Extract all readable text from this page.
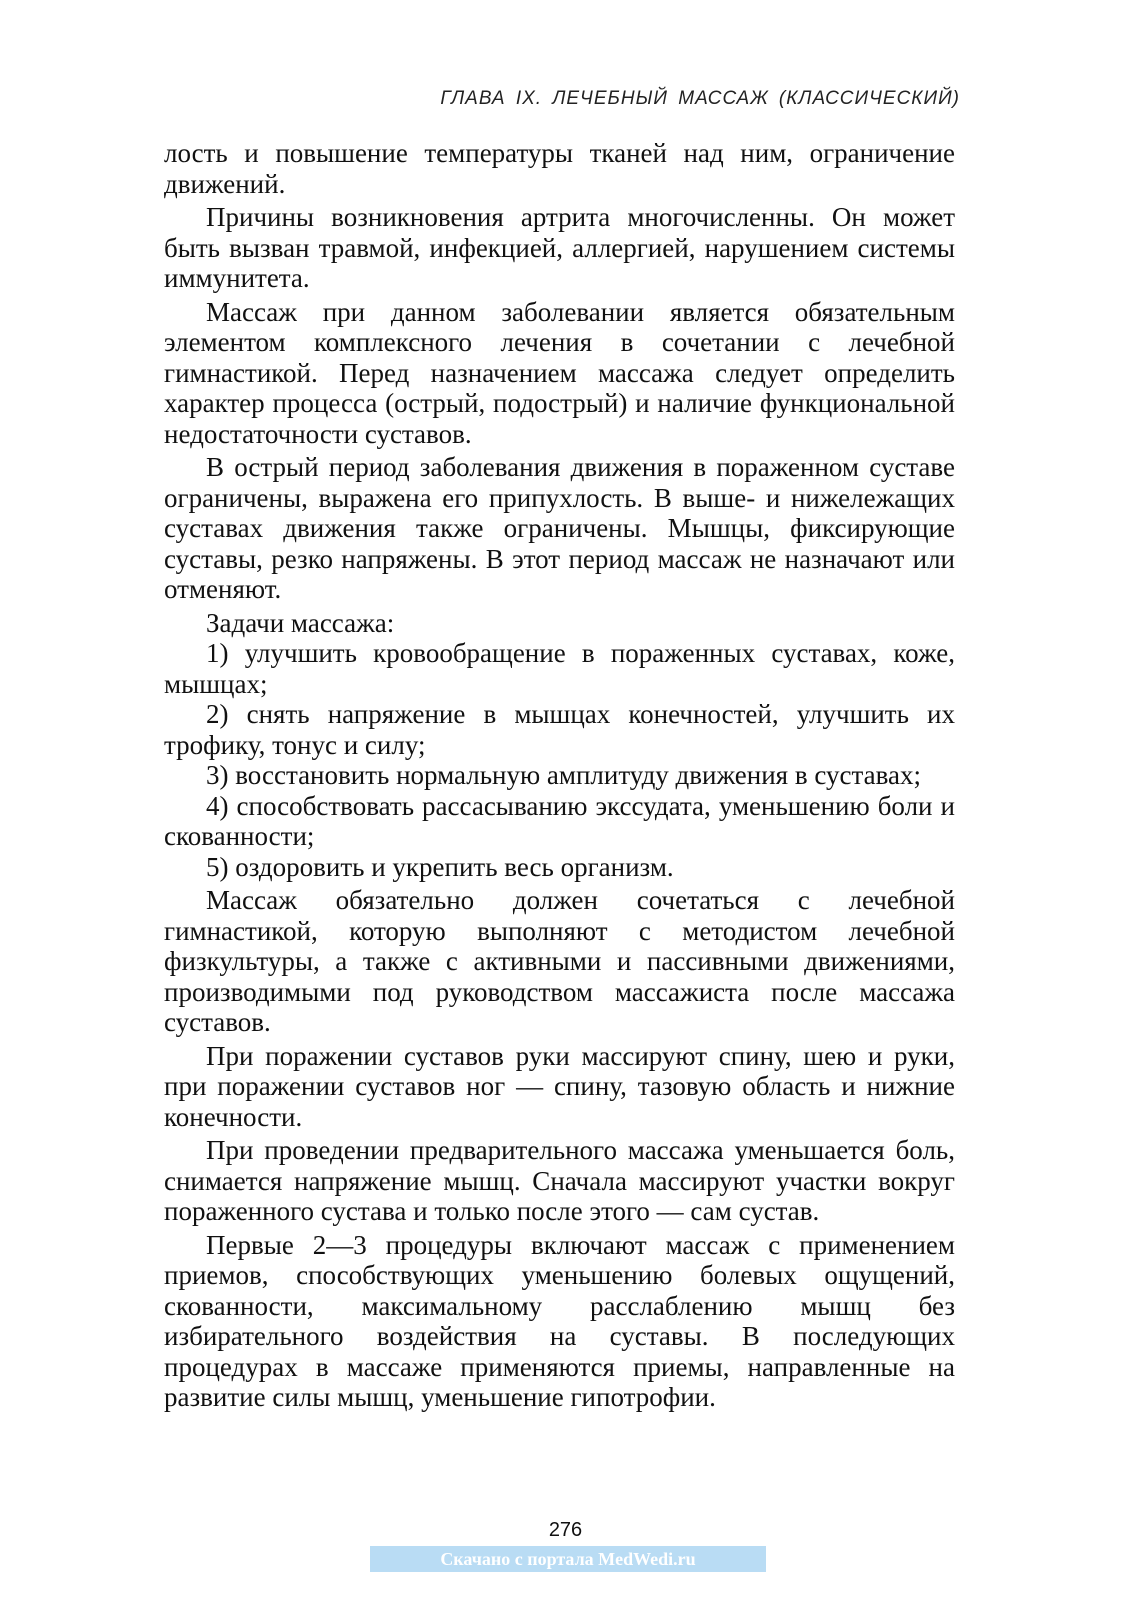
ГЛАВА IX. ЛЕЧЕБНЫЙ МАССАЖ (КЛАССИЧЕСКИЙ)

лость и повышение температуры тканей над ним, ограничение движений.

Причины возникновения артрита многочисленны. Он может быть вызван травмой, инфекцией, аллергией, нарушением системы иммунитета.

Массаж при данном заболевании является обязательным элементом комплексного лечения в сочетании с лечебной гимнастикой. Перед назначением массажа следует определить характер процесса (острый, подострый) и наличие функциональной недостаточности суставов.

В острый период заболевания движения в пораженном суставе ограничены, выражена его припухлость. В выше- и нижележащих суставах движения также ограничены. Мышцы, фиксирующие суставы, резко напряжены. В этот период массаж не назначают или отменяют.

Задачи массажа:

1) улучшить кровообращение в пораженных суставах, коже, мышцах;

2) снять напряжение в мышцах конечностей, улучшить их трофику, тонус и силу;

3) восстановить нормальную амплитуду движения в суставах;

4) способствовать рассасыванию экссудата, уменьшению боли и скованности;

5) оздоровить и укрепить весь организм.

Массаж обязательно должен сочетаться с лечебной гимнастикой, которую выполняют с методистом лечебной физкультуры, а также с активными и пассивными движениями, производимыми под руководством массажиста после массажа суставов.

При поражении суставов руки массируют спину, шею и руки, при поражении суставов ног — спину, тазовую область и нижние конечности.

При проведении предварительного массажа уменьшается боль, снимается напряжение мышц. Сначала массируют участки вокруг пораженного сустава и только после этого — сам сустав.

Первые 2—3 процедуры включают массаж с применением приемов, способствующих уменьшению болевых ощущений, скованности, максимальному расслаблению мышц без избирательного воздействия на суставы. В последующих процедурах в массаже применяются приемы, направленные на развитие силы мышц, уменьшение гипотрофии.

276
Скачано с портала MedWedi.ru
